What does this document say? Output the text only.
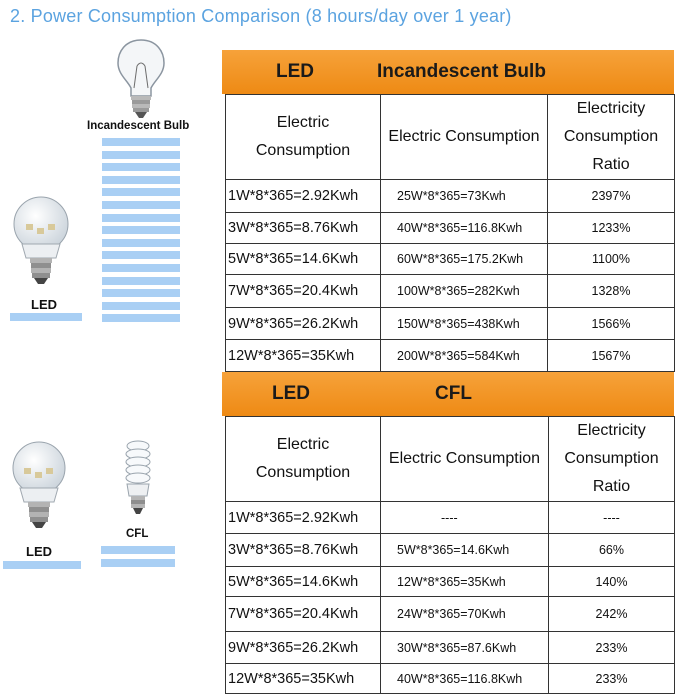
2. Power Consumption Comparison (8 hours/day over 1 year)
Incandescent Bulb
LED
LED	Incandescent Bulb
Electric Consumption	Electric Consumption	Electricity Consumption Ratio
1W*8*365=2.92Kwh	25W*8*365=73Kwh	2397%
3W*8*365=8.76Kwh	40W*8*365=116.8Kwh	1233%
5W*8*365=14.6Kwh	60W*8*365=175.2Kwh	1100%
7W*8*365=20.4Kwh	100W*8*365=282Kwh	1328%
9W*8*365=26.2Kwh	150W*8*365=438Kwh	1566%
12W*8*365=35Kwh	200W*8*365=584Kwh	1567%
LED
CFL
LED	CFL
Electric Consumption	Electric Consumption	Electricity Consumption Ratio
1W*8*365=2.92Kwh	----	----
3W*8*365=8.76Kwh	5W*8*365=14.6Kwh	66%
5W*8*365=14.6Kwh	12W*8*365=35Kwh	140%
7W*8*365=20.4Kwh	24W*8*365=70Kwh	242%
9W*8*365=26.2Kwh	30W*8*365=87.6Kwh	233%
12W*8*365=35Kwh	40W*8*365=116.8Kwh	233%
